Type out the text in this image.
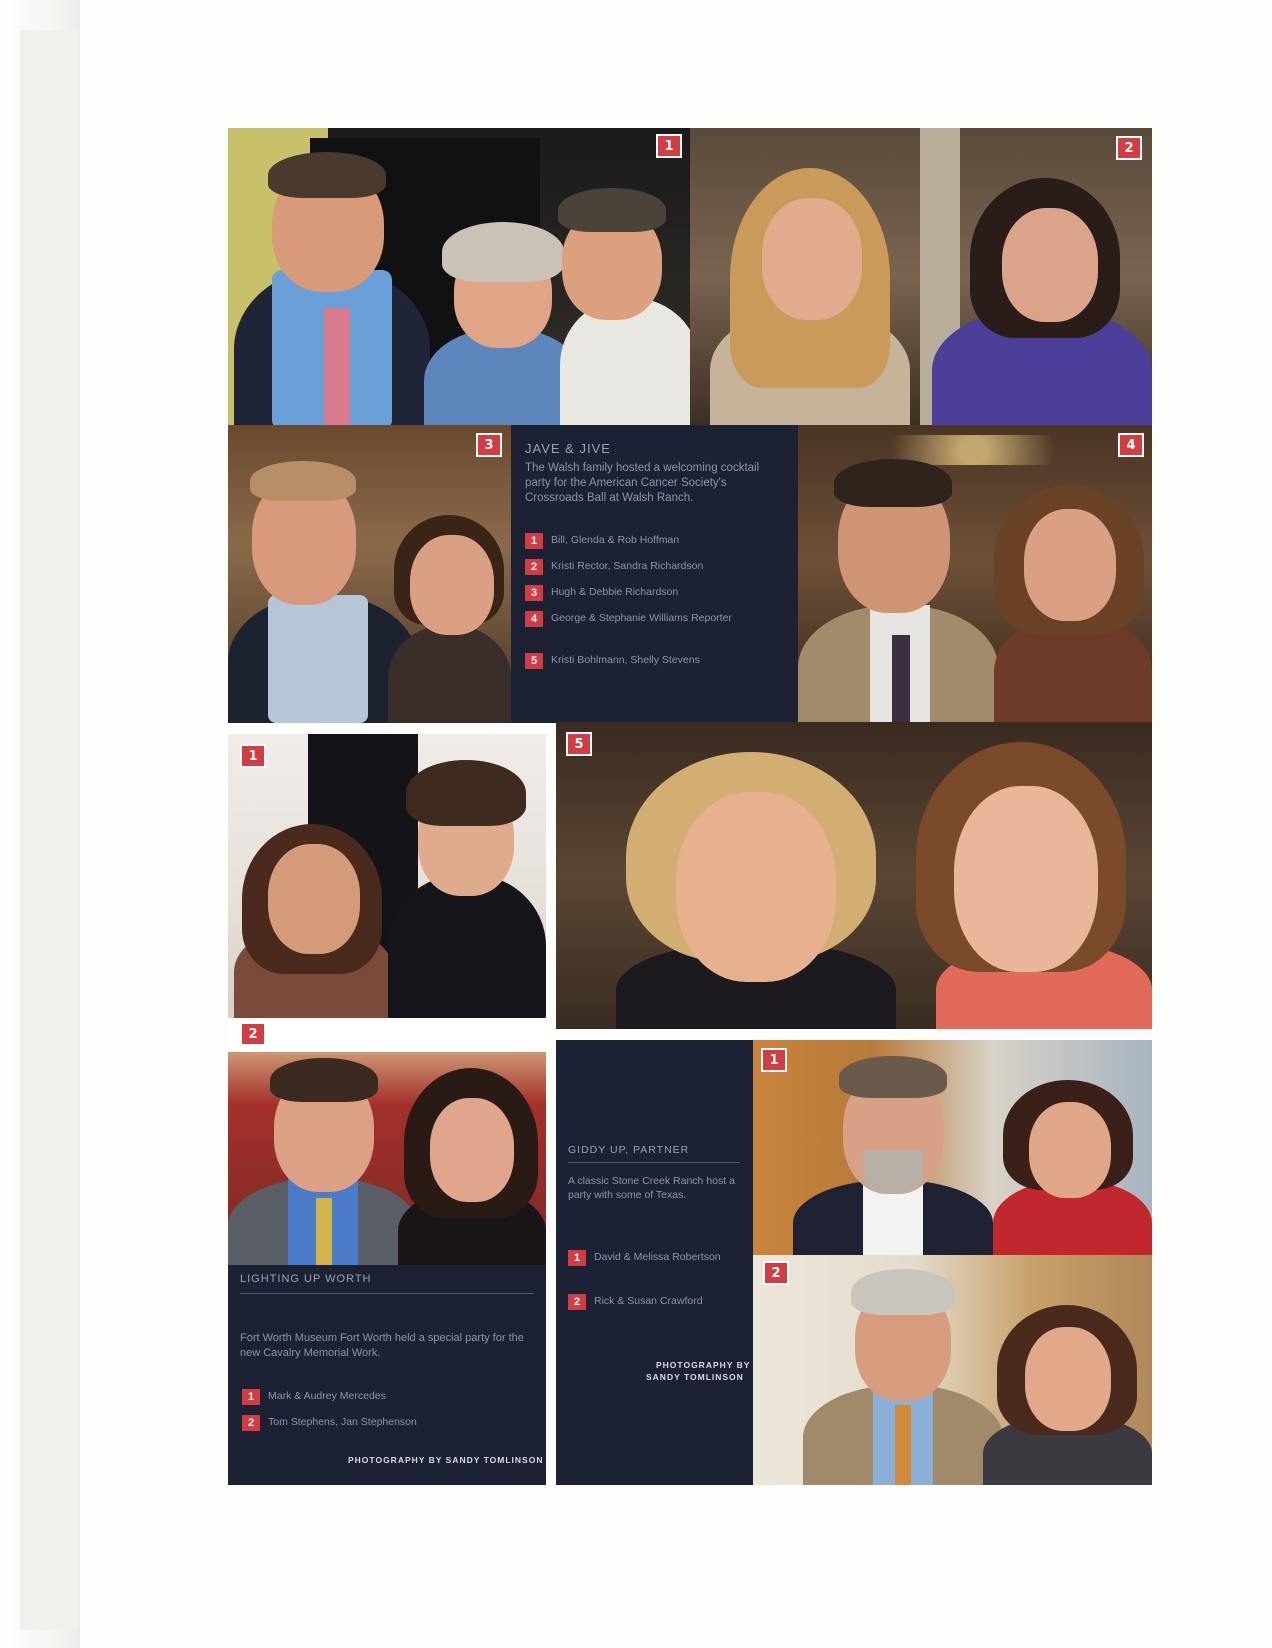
1	2
3	JAVE & JIVE
The Walsh family hosted a welcoming cocktail party for the American Cancer Society's Crossroads Ball at Walsh Ranch.
1	Bill, Glenda & Rob Hoffman
2	Kristi Rector, Sandra Richardson
3	Hugh & Debbie Richardson
4	George & Stephanie Williams Reporter
5	Kristi Bohlmann, Shelly Stevens
4
1
5
2
LIGHTING UP WORTH
Fort Worth Museum Fort Worth held a special party for the new Cavalry Memorial Work.
1	Mark & Audrey Mercedes
2	Tom Stephens, Jan Stephenson
PHOTOGRAPHY BY SANDY TOMLINSON
GIDDY UP, PARTNER
A classic Stone Creek Ranch host a party with some of Texas.
1	David & Melissa Robertson
2	Rick & Susan Crawford
PHOTOGRAPHY BY
SANDY TOMLINSON
1
2
